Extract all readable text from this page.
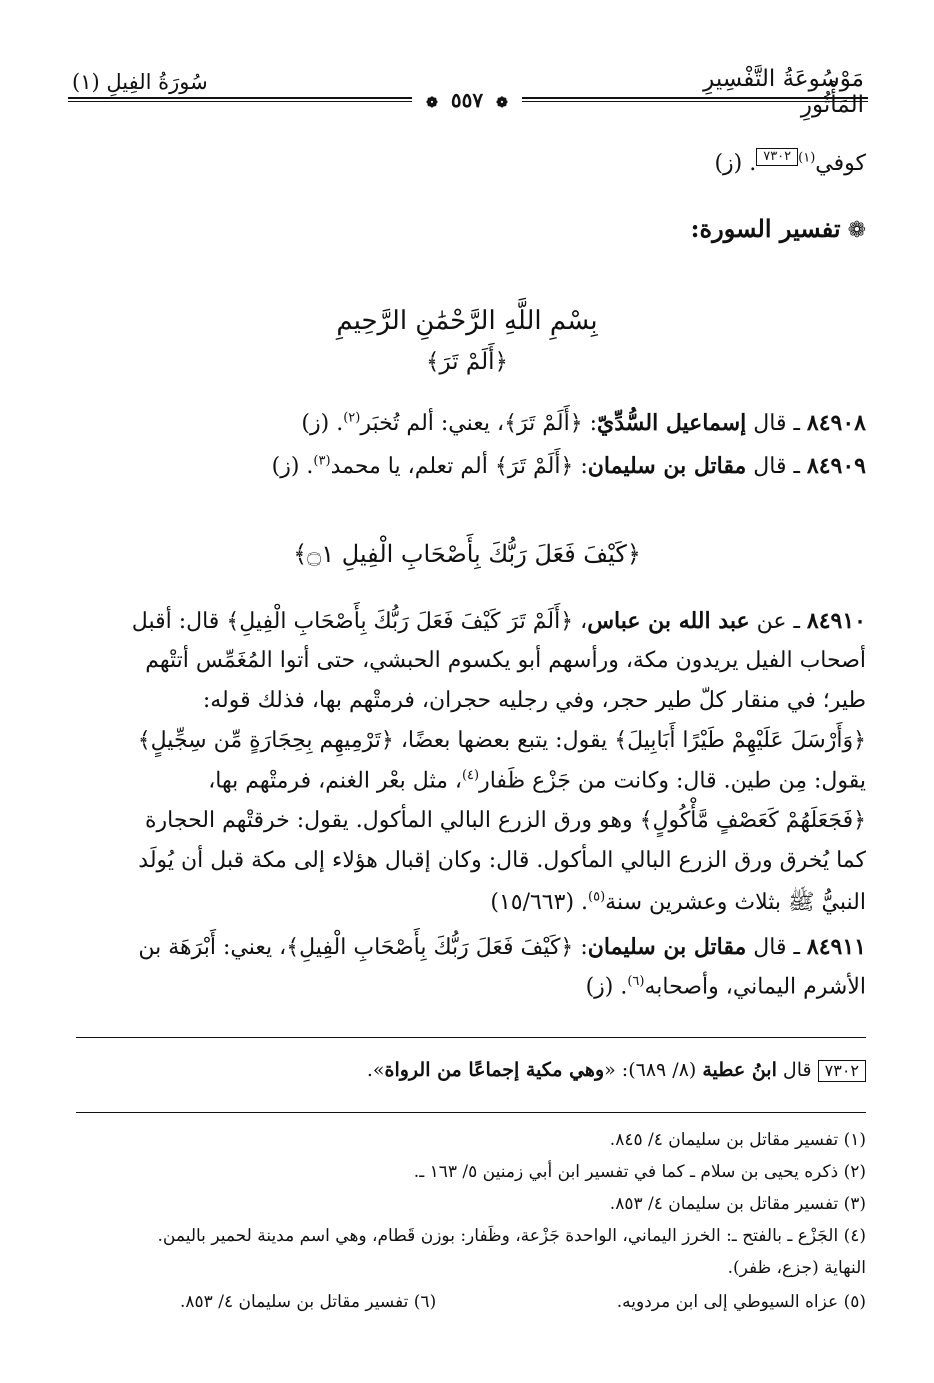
مَوْسُوعَةُ التَّفْسِيرِ المَأْثُورِ
سُورَةُ الفِيلِ (١)
❁ ٥٥٧ ❁
كوفي$^{(١)}$٧٣٠٢. (ز)
❁ تفسير السورة:
بِسْمِ اللَّهِ الرَّحْمَٰنِ الرَّحِيمِ
﴿أَلَمْ تَرَ﴾
٨٤٩٠٨ ـ قال إسماعيل السُّدِّيّ: ﴿أَلَمْ تَرَ﴾، يعني: ألم تُخبَر$^{(٢)}$. (ز)
٨٤٩٠٩ ـ قال مقاتل بن سليمان: ﴿أَلَمْ تَرَ﴾ ألم تعلم، يا محمد$^{(٣)}$. (ز)
﴿كَيْفَ فَعَلَ رَبُّكَ بِأَصْحَابِ الْفِيلِ ۝١﴾
٨٤٩١٠ ـ عن عبد الله بن عباس، ﴿أَلَمْ تَرَ كَيْفَ فَعَلَ رَبُّكَ بِأَصْحَابِ الْفِيلِ﴾ قال: أقبل
أصحاب الفيل يريدون مكة، ورأسهم أبو يكسوم الحبشي، حتى أتوا المُغَمِّس أتتْهم
طير؛ في منقار كلّ طير حجر، وفي رجليه حجران، فرمتْهم بها، فذلك قوله:
﴿وَأَرْسَلَ عَلَيْهِمْ طَيْرًا أَبَابِيلَ﴾ يقول: يتبع بعضها بعضًا، ﴿تَرْمِيهِم بِحِجَارَةٍ مِّن سِجِّيلٍ﴾
يقول: مِن طين. قال: وكانت من جَزْع ظَفار$^{(٤)}$، مثل بعْر الغنم، فرمتْهم بها،
﴿فَجَعَلَهُمْ كَعَصْفٍ مَّأْكُولٍ﴾ وهو ورق الزرع البالي المأكول. يقول: خرقتْهم الحجارة
كما يُخرق ورق الزرع البالي المأكول. قال: وكان إقبال هؤلاء إلى مكة قبل أن يُولَد
النبيُّ ﷺ بثلاث وعشرين سنة$^{(٥)}$. (١٥/٦٦٣)
٨٤٩١١ ـ قال مقاتل بن سليمان: ﴿كَيْفَ فَعَلَ رَبُّكَ بِأَصْحَابِ الْفِيلِ﴾، يعني: أَبْرَهَة بن
الأشرم اليماني، وأصحابه$^{(٦)}$. (ز)
٧٣٠٢ قال ابنُ عطية (٨/ ٦٨٩): «وهي مكية إجماعًا من الرواة».
(١) تفسير مقاتل بن سليمان ٤/ ٨٤٥.
(٢) ذكره يحيى بن سلام ـ كما في تفسير ابن أبي زمنين ٥/ ١٦٣ ـ.
(٣) تفسير مقاتل بن سليمان ٤/ ٨٥٣.
(٤) الجَزْع ـ بالفتح ـ: الخرز اليماني، الواحدة جَزْعة، وظَفار: بوزن قَطام، وهي اسم مدينة لحمير باليمن.
النهاية (جزع، ظفر).
(٥) عزاه السيوطي إلى ابن مردويه.
(٦) تفسير مقاتل بن سليمان ٤/ ٨٥٣.
